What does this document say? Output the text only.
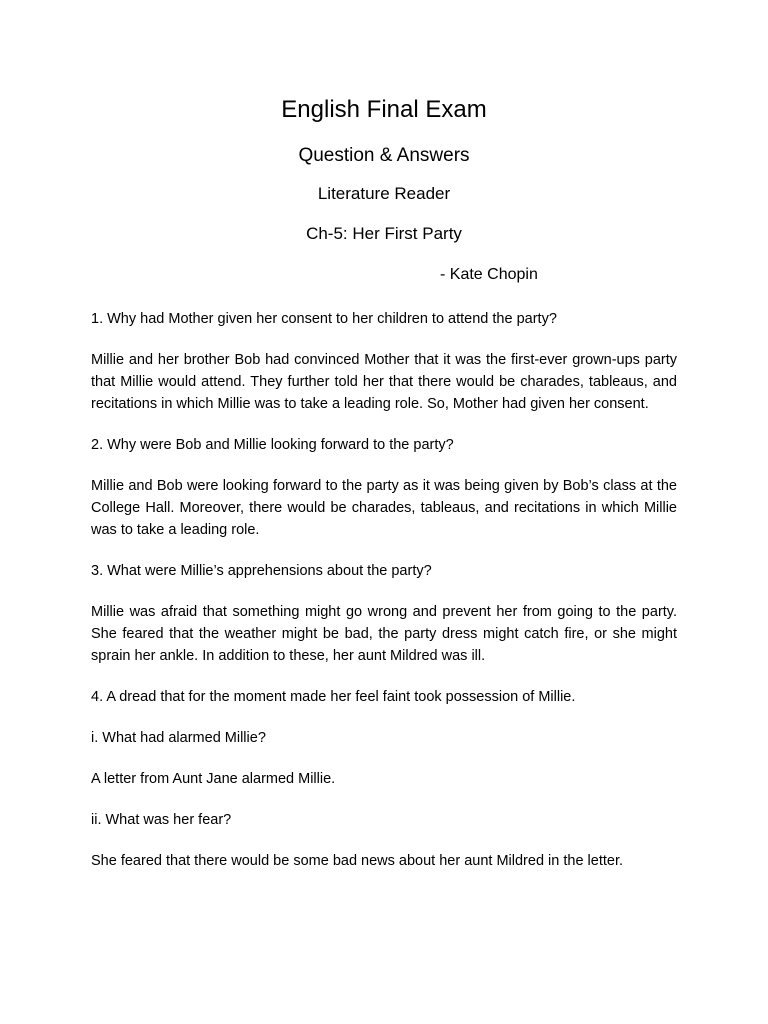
English Final Exam
Question & Answers
Literature Reader
Ch-5: Her First Party
- Kate Chopin

1. Why had Mother given her consent to her children to attend the party?

Millie and her brother Bob had convinced Mother that it was the first-ever grown-ups party that Millie would attend. They further told her that there would be charades, tableaus, and recitations in which Millie was to take a leading role. So, Mother had given her consent.

2. Why were Bob and Millie looking forward to the party?

Millie and Bob were looking forward to the party as it was being given by Bob’s class at the College Hall. Moreover, there would be charades, tableaus, and recitations in which Millie was to take a leading role.

3. What were Millie’s apprehensions about the party?

Millie was afraid that something might go wrong and prevent her from going to the party. She feared that the weather might be bad, the party dress might catch fire, or she might sprain her ankle. In addition to these, her aunt Mildred was ill.

4. A dread that for the moment made her feel faint took possession of Millie.

i. What had alarmed Millie?

A letter from Aunt Jane alarmed Millie.

ii. What was her fear?

She feared that there would be some bad news about her aunt Mildred in the letter.
